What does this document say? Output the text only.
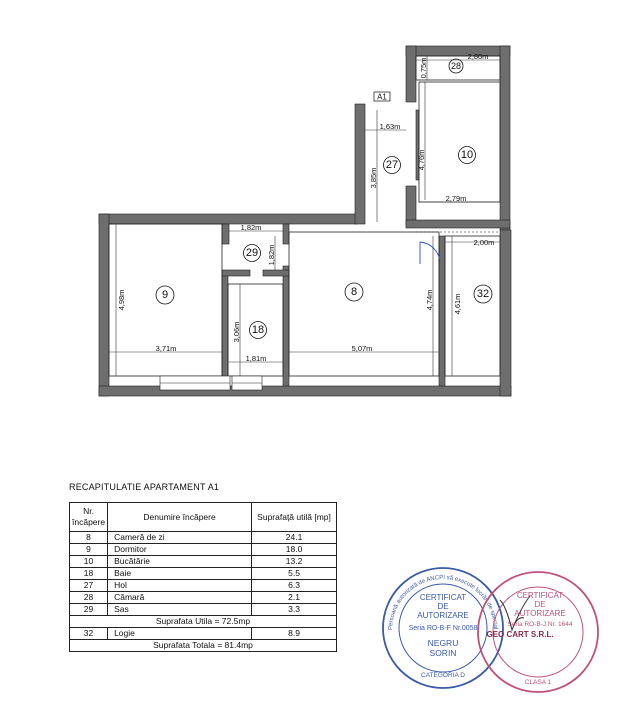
A1
28
10
27
29
9	8	32
18
2,80m
0,75m
1,63m
4,76m
3,85m
2,79m
1,82m
1,82m
2,00m
4,98m	4,74m	4,61m
3,06m
3,71m
1,81m
5,07m
RECAPITULATIE APARTAMENT A1
Nr. încăpere	Denumire încăpere	Suprafață utilă [mp]
8	Cameră de zi	24.1
9	Dormitor	18.0
10	Bucătărie	13.2
18	Baie	5.5
27	Hol	6.3
28	Cămară	2.1
29	Sas	3.3
Suprafata Utila = 72.5mp		
32	Logie	8.9
Suprafata Totala = 81.4mp		
Persoană autorizată de ANCPI să execute lucrări de special
CERTIFICAT
DE
AUTORIZARE
Seria RO-B-F Nr.0058
NEGRU
SORIN
CATEGORIA D
CERTIFICAT
DE
AUTORIZARE
Seria RO-B-J Nr. 1644
GEO CART S.R.L.
CLASA 1
